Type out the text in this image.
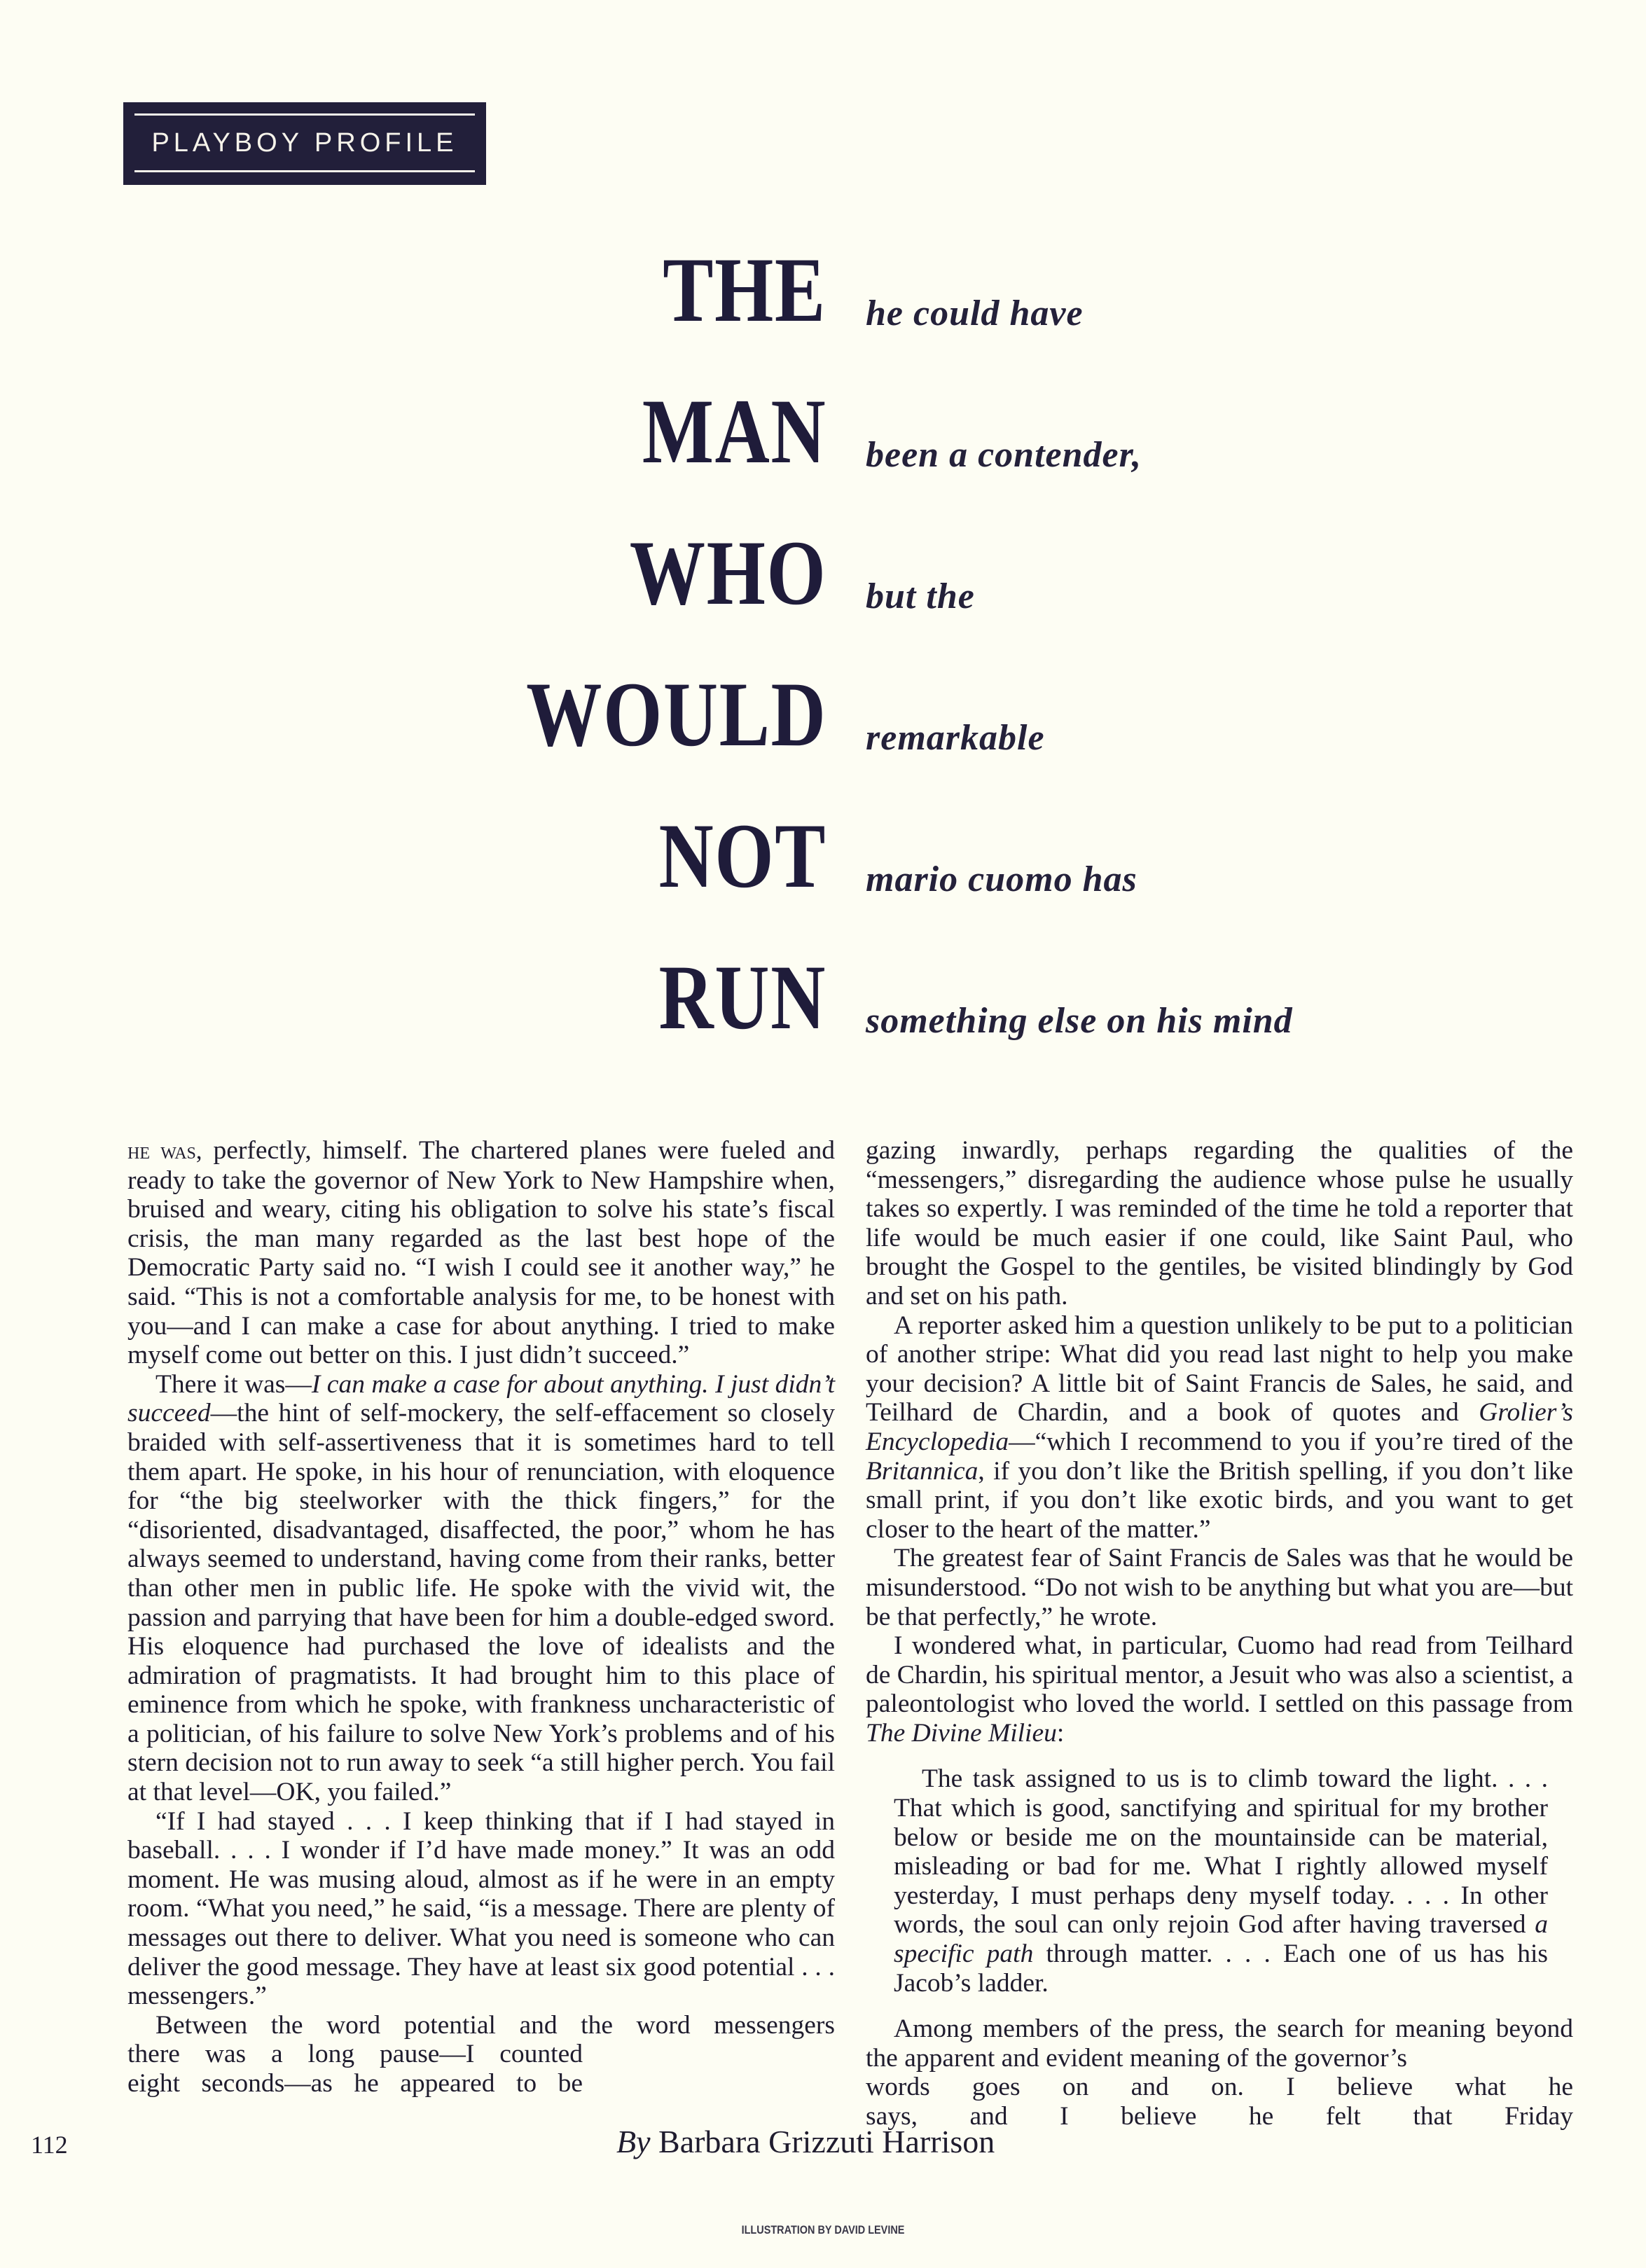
PLAYBOY PROFILE
THE he could have
MAN been a contender,
WHO but the
WOULD remarkable
NOT mario cuomo has
RUN something else on his mind

he was, perfectly, himself. The chartered planes were fueled and ready to take the governor of New York to New Hampshire when, bruised and weary, citing his obligation to solve his state’s fiscal crisis, the man many regarded as the last best hope of the Democratic Party said no. “I wish I could see it another way,” he said. “This is not a comfortable analysis for me, to be honest with you—and I can make a case for about anything. I tried to make myself come out better on this. I just didn’t succeed.”

There it was—I can make a case for about anything. I just didn’t succeed—the hint of self-mockery, the self-effacement so closely braided with self-assertiveness that it is sometimes hard to tell them apart. He spoke, in his hour of renunciation, with eloquence for “the big steelworker with the thick fingers,” for the “disoriented, disadvantaged, disaffected, the poor,” whom he has always seemed to understand, having come from their ranks, better than other men in public life. He spoke with the vivid wit, the passion and parrying that have been for him a double-edged sword. His eloquence had purchased the love of idealists and the admiration of pragmatists. It had brought him to this place of eminence from which he spoke, with frankness uncharacteristic of a politician, of his failure to solve New York’s problems and of his stern decision not to run away to seek “a still higher perch. You fail at that level—OK, you failed.”

“If I had stayed . . . I keep thinking that if I had stayed in baseball. . . . I wonder if I’d have made money.” It was an odd moment. He was musing aloud, almost as if he were in an empty room. “What you need,” he said, “is a message. There are plenty of messages out there to deliver. What you need is someone who can deliver the good message. They have at least six good potential . . . messengers.”

Between the word potential and the word messengers

there was a long pause—I counted

eight seconds—as he appeared to be

gazing inwardly, perhaps regarding the qualities of the “messengers,” disregarding the audience whose pulse he usually takes so expertly. I was reminded of the time he told a reporter that life would be much easier if one could, like Saint Paul, who brought the Gospel to the gentiles, be visited blindingly by God and set on his path.

A reporter asked him a question unlikely to be put to a politician of another stripe: What did you read last night to help you make your decision? A little bit of Saint Francis de Sales, he said, and Teilhard de Chardin, and a book of quotes and Grolier’s Encyclopedia—“which I recommend to you if you’re tired of the Britannica, if you don’t like the British spelling, if you don’t like small print, if you don’t like exotic birds, and you want to get closer to the heart of the matter.”

The greatest fear of Saint Francis de Sales was that he would be misunderstood. “Do not wish to be anything but what you are—but be that perfectly,” he wrote.

I wondered what, in particular, Cuomo had read from Teilhard de Chardin, his spiritual mentor, a Jesuit who was also a scientist, a paleontologist who loved the world. I settled on this passage from The Divine Milieu:

The task assigned to us is to climb toward the light. . . . That which is good, sanctifying and spiritual for my brother below or beside me on the mountainside can be material, misleading or bad for me. What I rightly allowed myself yesterday, I must perhaps deny myself today. . . . In other words, the soul can only rejoin God after having traversed a specific path through matter. . . . Each one of us has his Jacob’s ladder.

Among members of the press, the search for meaning beyond the apparent and evident meaning of the governor’s

words goes on and on. I believe what he

says, and I believe he felt that Friday

By Barbara Grizzuti Harrison
112
ILLUSTRATION BY DAVID LEVINE
